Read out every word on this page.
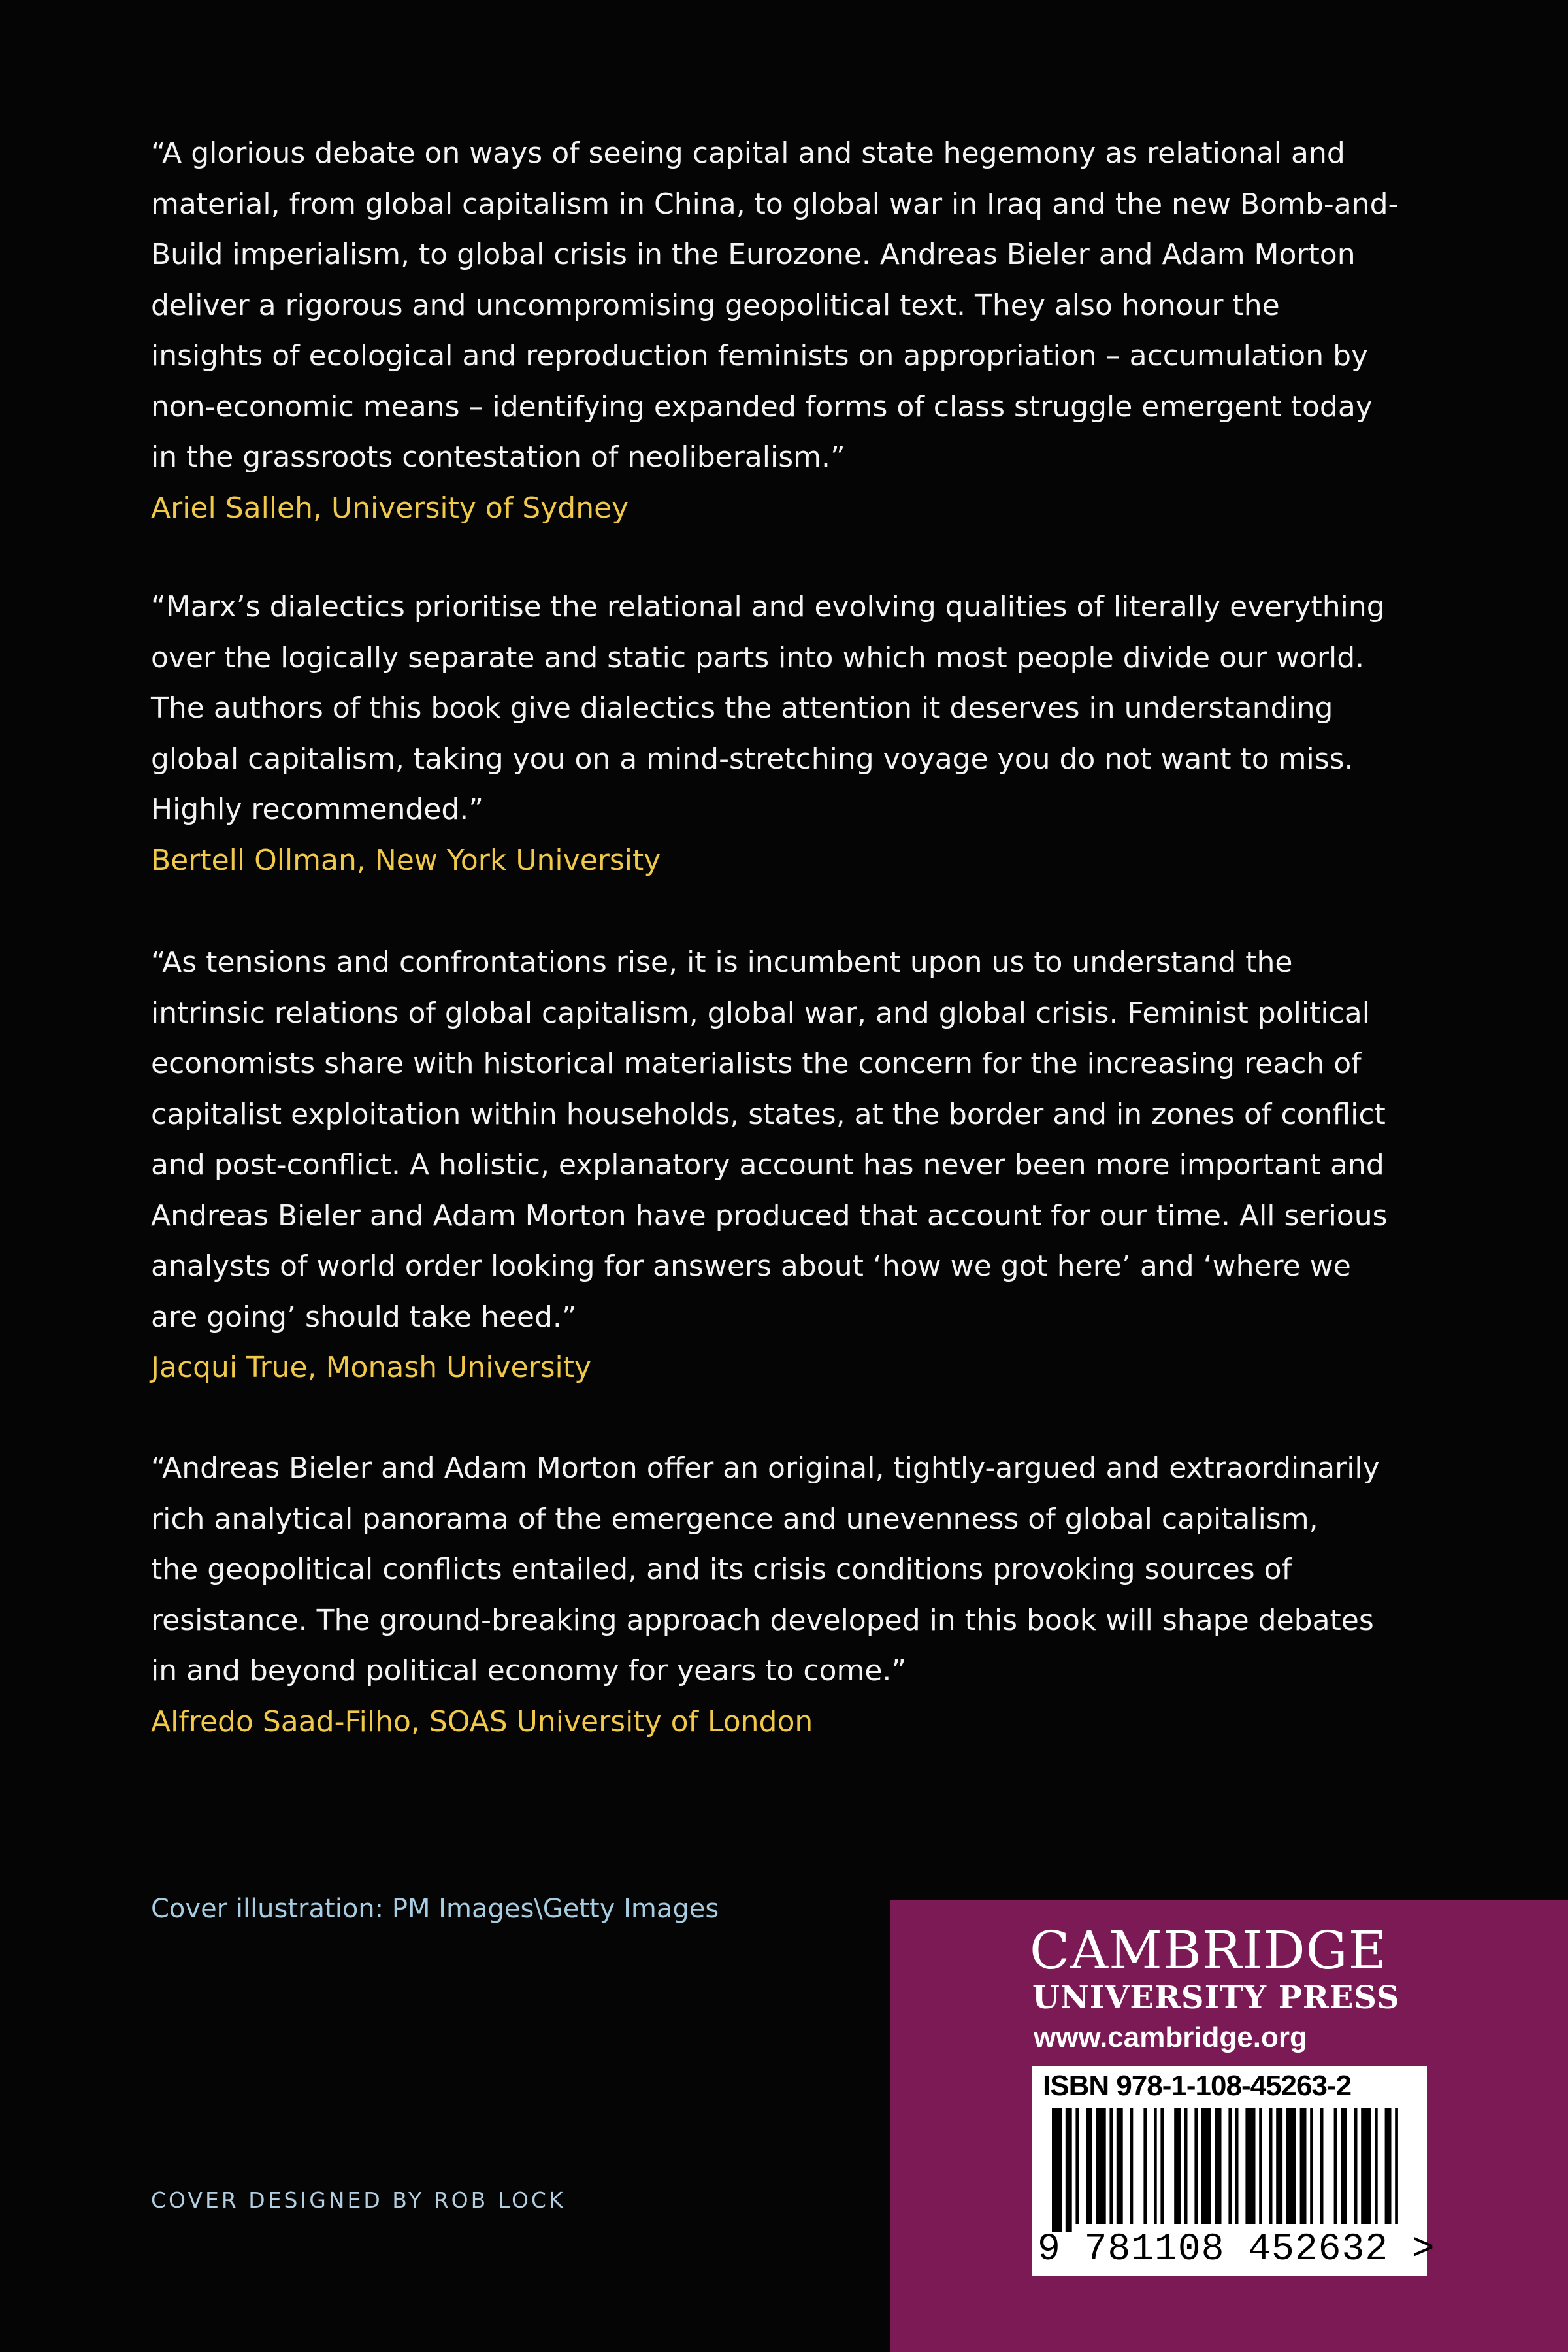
“A glorious debate on ways of seeing capital and state hegemony as relational and
material, from global capitalism in China, to global war in Iraq and the new Bomb-and-
Build imperialism, to global crisis in the Eurozone. Andreas Bieler and Adam Morton
deliver a rigorous and uncompromising geopolitical text. They also honour the
insights of ecological and reproduction feminists on appropriation – accumulation by
non-economic means – identifying expanded forms of class struggle emergent today
in the grassroots contestation of neoliberalism.”

Ariel Salleh, University of Sydney

“Marx’s dialectics prioritise the relational and evolving qualities of literally everything
over the logically separate and static parts into which most people divide our world.
The authors of this book give dialectics the attention it deserves in understanding
global capitalism, taking you on a mind-stretching voyage you do not want to miss.
Highly recommended.”

Bertell Ollman, New York University

“As tensions and confrontations rise, it is incumbent upon us to understand the
intrinsic relations of global capitalism, global war, and global crisis. Feminist political
economists share with historical materialists the concern for the increasing reach of
capitalist exploitation within households, states, at the border and in zones of conflict
and post-conflict. A holistic, explanatory account has never been more important and
Andreas Bieler and Adam Morton have produced that account for our time. All serious
analysts of world order looking for answers about ‘how we got here’ and ‘where we
are going’ should take heed.”

Jacqui True, Monash University

“Andreas Bieler and Adam Morton offer an original, tightly-argued and extraordinarily
rich analytical panorama of the emergence and unevenness of global capitalism,
the geopolitical conflicts entailed, and its crisis conditions provoking sources of
resistance. The ground-breaking approach developed in this book will shape debates
in and beyond political economy for years to come.”

Alfredo Saad-Filho, SOAS University of London

Cover illustration: PM Images\Getty Images
COVER DESIGNED BY ROB LOCK
CAMBRIDGE
UNIVERSITY PRESS
www.cambridge.org
ISBN 978-1-108-45263-2
9 781108 452632 >
